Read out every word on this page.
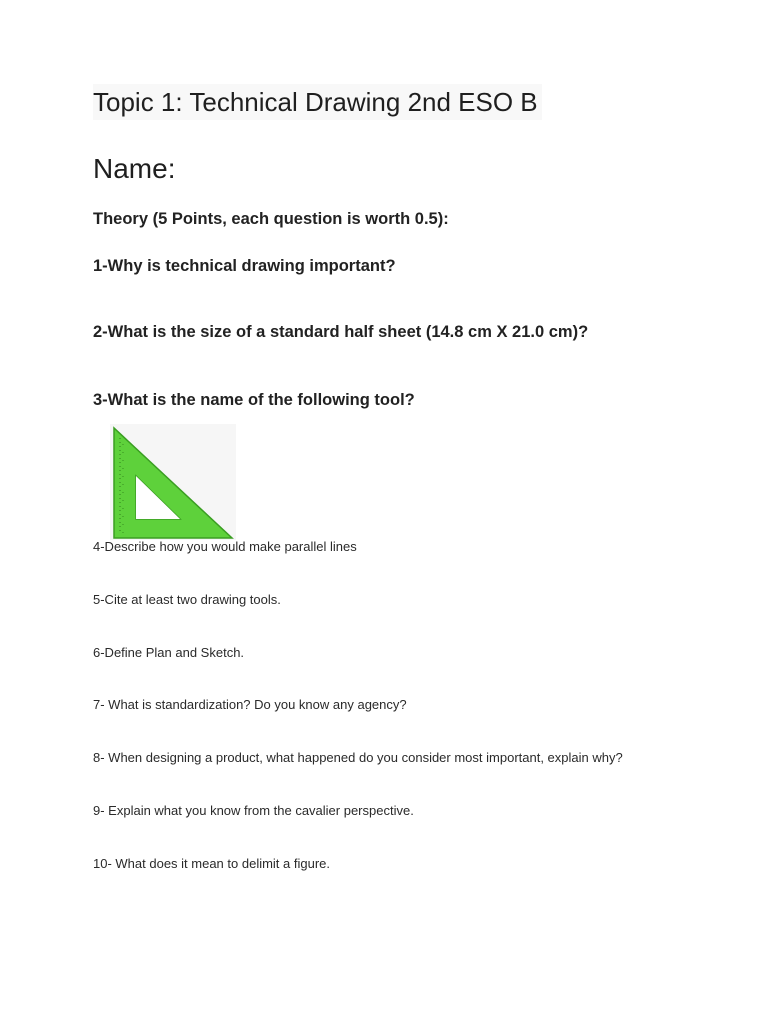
Topic 1: Technical Drawing 2nd ESO B
Name:

Theory (5 Points, each question is worth 0.5):

1-Why is technical drawing important?

2-What is the size of a standard half sheet (14.8 cm X 21.0 cm)?

3-What is the name of the following tool?

4-Describe how you would make parallel lines

5-Cite at least two drawing tools.

6-Define Plan and Sketch.

7- What is standardization? Do you know any agency?

8- When designing a product, what happened do you consider most important, explain why?

9- Explain what you know from the cavalier perspective.

10- What does it mean to delimit a figure.
